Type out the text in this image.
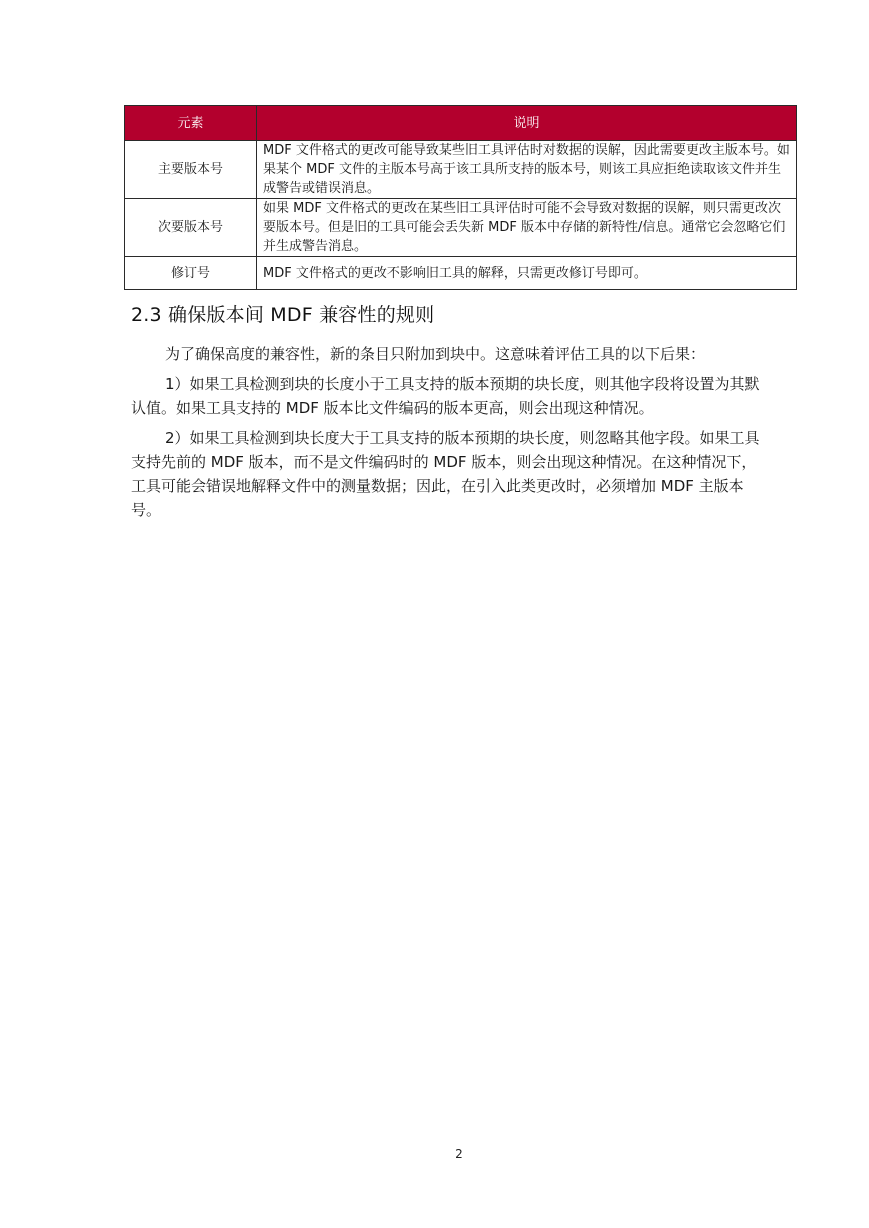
元素	说明
主要版本号	MDF 文件格式的更改可能导致某些旧工具评估时对数据的误解，因此需要更改主版本号。如果某个 MDF 文件的主版本号高于该工具所支持的版本号，则该工具应拒绝读取该文件并生成警告或错误消息。
次要版本号	如果 MDF 文件格式的更改在某些旧工具评估时可能不会导致对数据的误解，则只需更改次要版本号。但是旧的工具可能会丢失新 MDF 版本中存储的新特性/信息。通常它会忽略它们并生成警告消息。
修订号	MDF 文件格式的更改不影响旧工具的解释，只需更改修订号即可。
2.3 确保版本间 MDF 兼容性的规则

为了确保高度的兼容性，新的条目只附加到块中。这意味着评估工具的以下后果：

1）如果工具检测到块的长度小于工具支持的版本预期的块长度，则其他字段将设置为其默认值。如果工具支持的 MDF 版本比文件编码的版本更高，则会出现这种情况。

2）如果工具检测到块长度大于工具支持的版本预期的块长度，则忽略其他字段。如果工具支持先前的 MDF 版本，而不是文件编码时的 MDF 版本，则会出现这种情况。在这种情况下，工具可能会错误地解释文件中的测量数据；因此，在引入此类更改时，必须增加 MDF 主版本号。

2
